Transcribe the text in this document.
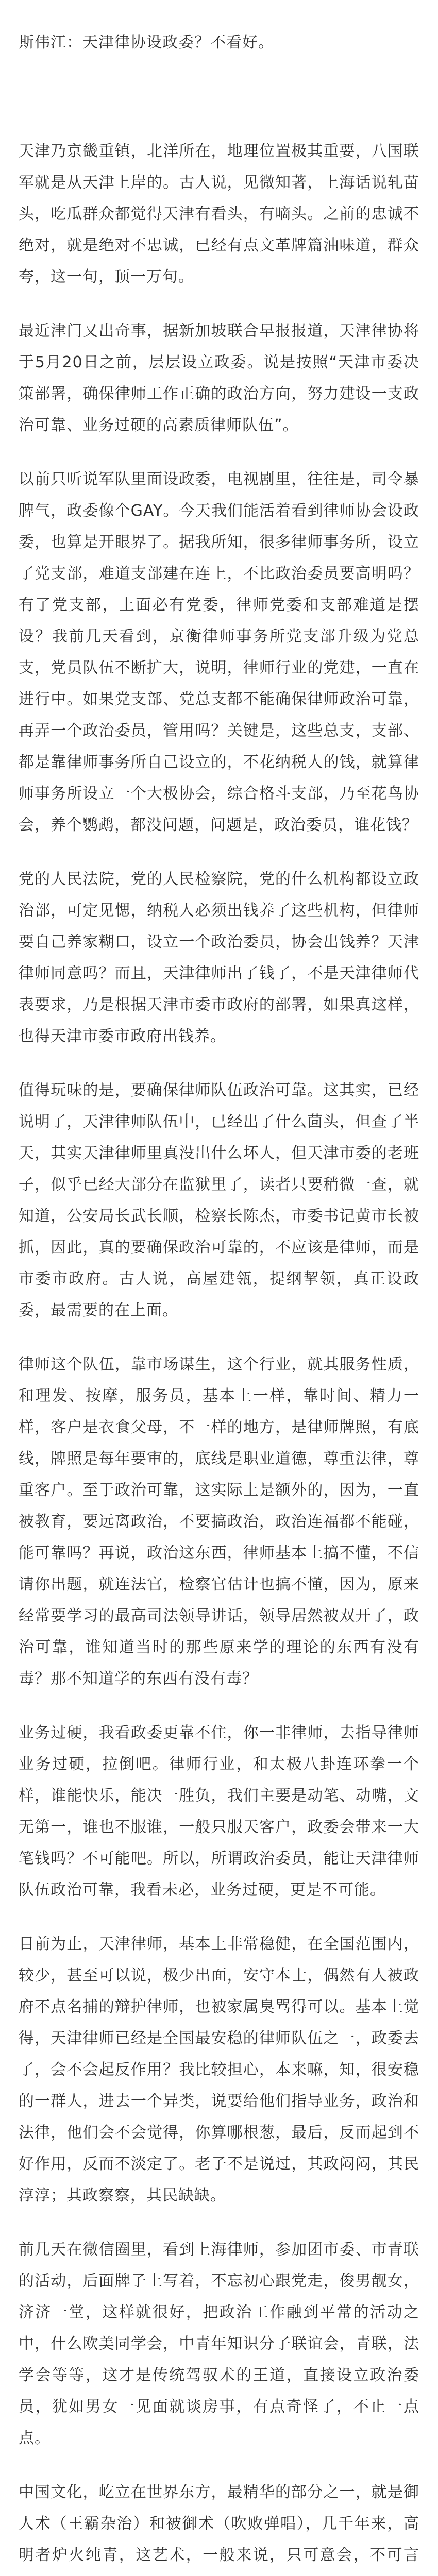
斯伟江：天津律协设政委？不看好。

天津乃京畿重镇，北洋所在，地理位置极其重要，八国联军就是从天津上岸的。古人说，见微知著，上海话说轧苗头，吃瓜群众都觉得天津有看头，有嘀头。之前的忠诚不绝对，就是绝对不忠诚，已经有点文革牌篇油味道，群众夸，这一句，顶一万句。

最近津门又出奇事，据新加坡联合早报报道，天津律协将于5月20日之前，层层设立政委。说是按照“天津市委决策部署，确保律师工作正确的政治方向，努力建设一支政治可靠、业务过硬的高素质律师队伍”。

以前只听说军队里面设政委，电视剧里，往往是，司令暴脾气，政委像个GAY。今天我们能活着看到律师协会设政委，也算是开眼界了。据我所知，很多律师事务所，设立了党支部，难道支部建在连上，不比政治委员要高明吗？有了党支部，上面必有党委，律师党委和支部难道是摆设？我前几天看到，京衡律师事务所党支部升级为党总支，党员队伍不断扩大，说明，律师行业的党建，一直在进行中。如果党支部、党总支都不能确保律师政治可靠，再弄一个政治委员，管用吗？关键是，这些总支，支部、都是靠律师事务所自己设立的，不花纳税人的钱，就算律师事务所设立一个大极协会，综合格斗支部，乃至花鸟协会，养个鹦鹉，都没问题，问题是，政治委员，谁花钱？

党的人民法院，党的人民检察院，党的什么机构都设立政治部，可定见愢，纳税人必须出钱养了这些机构，但律师要自己养家糊口，设立一个政治委员，协会出钱养？天津律师同意吗？而且，天津律师出了钱了，不是天津律师代表要求，乃是根据天津市委市政府的部署，如果真这样，也得天津市委市政府出钱养。

值得玩味的是，要确保律师队伍政治可靠。这其实，已经说明了，天津律师队伍中，已经出了什么茴头，但查了半天，其实天津律师里真没出什么坏人，但天津市委的老班子，似乎已经大部分在监狱里了，读者只要稍微一查，就知道，公安局长武长顺，检察长陈杰，市委书记黄市长被抓，因此，真的要确保政治可靠的，不应该是律师，而是市委市政府。古人说，高屋建瓴，提纲挈领，真正设政委，最需要的在上面。

律师这个队伍，靠市场谋生，这个行业，就其服务性质，和理发、按摩，服务员，基本上一样，靠时间、精力一样，客户是衣食父母，不一样的地方，是律师牌照，有底线，牌照是每年要审的，底线是职业道德，尊重法律，尊重客户。至于政治可靠，这实际上是额外的，因为，一直被教育，要远离政治，不要搞政治，政治连福都不能碰，能可靠吗？再说，政治这东西，律师基本上搞不懂，不信请你出题，就连法官，检察官估计也搞不懂，因为，原来经常要学习的最高司法领导讲话，领导居然被双开了，政治可靠，谁知道当时的那些原来学的理论的东西有没有毒？那不知道学的东西有没有毒？

业务过硬，我看政委更靠不住，你一非律师，去指导律师业务过硬，拉倒吧。律师行业，和太极八卦连环拳一个样，谁能快乐，能决一胜负，我们主要是动笔、动嘴，文无第一，谁也不服谁，一般只服天客户，政委会带来一大笔钱吗？不可能吧。所以，所谓政治委员，能让天津律师队伍政治可靠，我看未必，业务过硬，更是不可能。

目前为止，天津律师，基本上非常稳健，在全国范围内，较少，甚至可以说，极少出面，安守本士，偶然有人被政府不点名捕的辩护律师，也被家属臭骂得可以。基本上觉得，天津律师已经是全国最安稳的律师队伍之一，政委去了，会不会起反作用？我比较担心，本来嘛，知，很安稳的一群人，进去一个异类，说要给他们指导业务，政治和法律，他们会不会觉得，你算哪根葱，最后，反而起到不好作用，反而不淡定了。老子不是说过，其政闷闷，其民淳淳；其政察察，其民缺缺。

前几天在微信圈里，看到上海律师，参加团市委、市青联的活动，后面牌子上写着，不忘初心跟党走，俊男靓女，济济一堂，这样就很好，把政治工作融到平常的活动之中，什么欧美同学会，中青年知识分子联谊会，青联，法学会等等，这才是传统驾驭术的王道，直接设立政治委员，犹如男女一见面就谈房事，有点奇怪了，不止一点点。

中国文化，屹立在世界东方，最精华的部分之一，就是御人术（王霸杂治）和被御术（吹败弹唱），几千年来，高明者炉火纯青，这艺术，一般来说，只可意会，不可言
